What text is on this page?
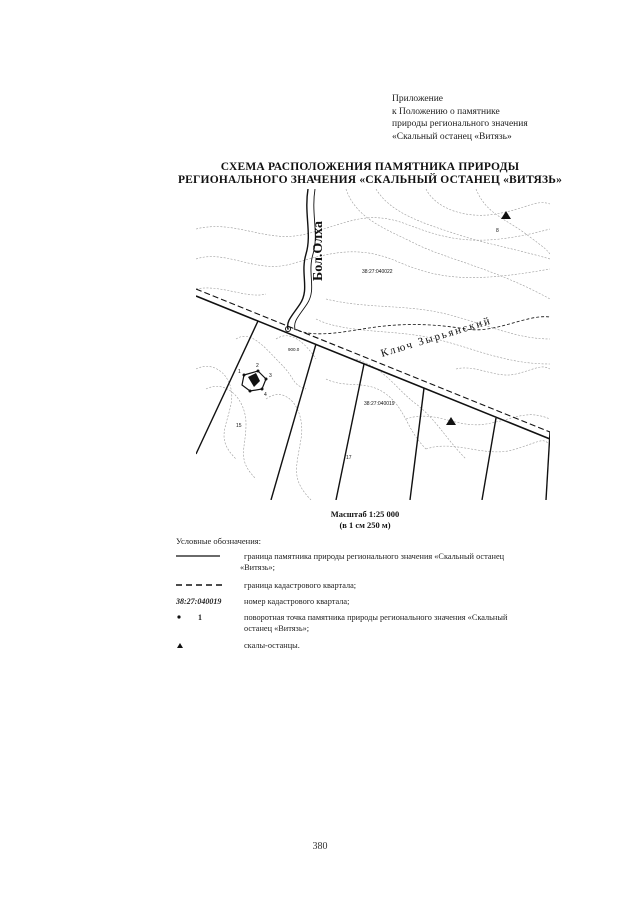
Приложение
к Положению о памятнике
природы регионального значения
«Скальный останец «Витязь»
СХЕМА РАСПОЛОЖЕНИЯ ПАМЯТНИКА ПРИРОДЫ
РЕГИОНАЛЬНОГО ЗНАЧЕНИЯ «СКАЛЬНЫЙ ОСТАНЕЦ «ВИТЯЗЬ»
Бол.Олха
Ключ Зырьянский
38:27:040022
38:27:040019
900.0
1
2
3
4
15
17
8
Масштаб 1:25 000
(в 1 см 250 м)
Условные обозначения:
граница памятника природы регионального значения «Скальный останец
«Витязь»;
граница кадастрового квартала;
38:27:040019	номер кадастрового квартала;
1	поворотная точка памятника природы регионального значения «Скальный
останец «Витязь»;
скалы-останцы.
380
